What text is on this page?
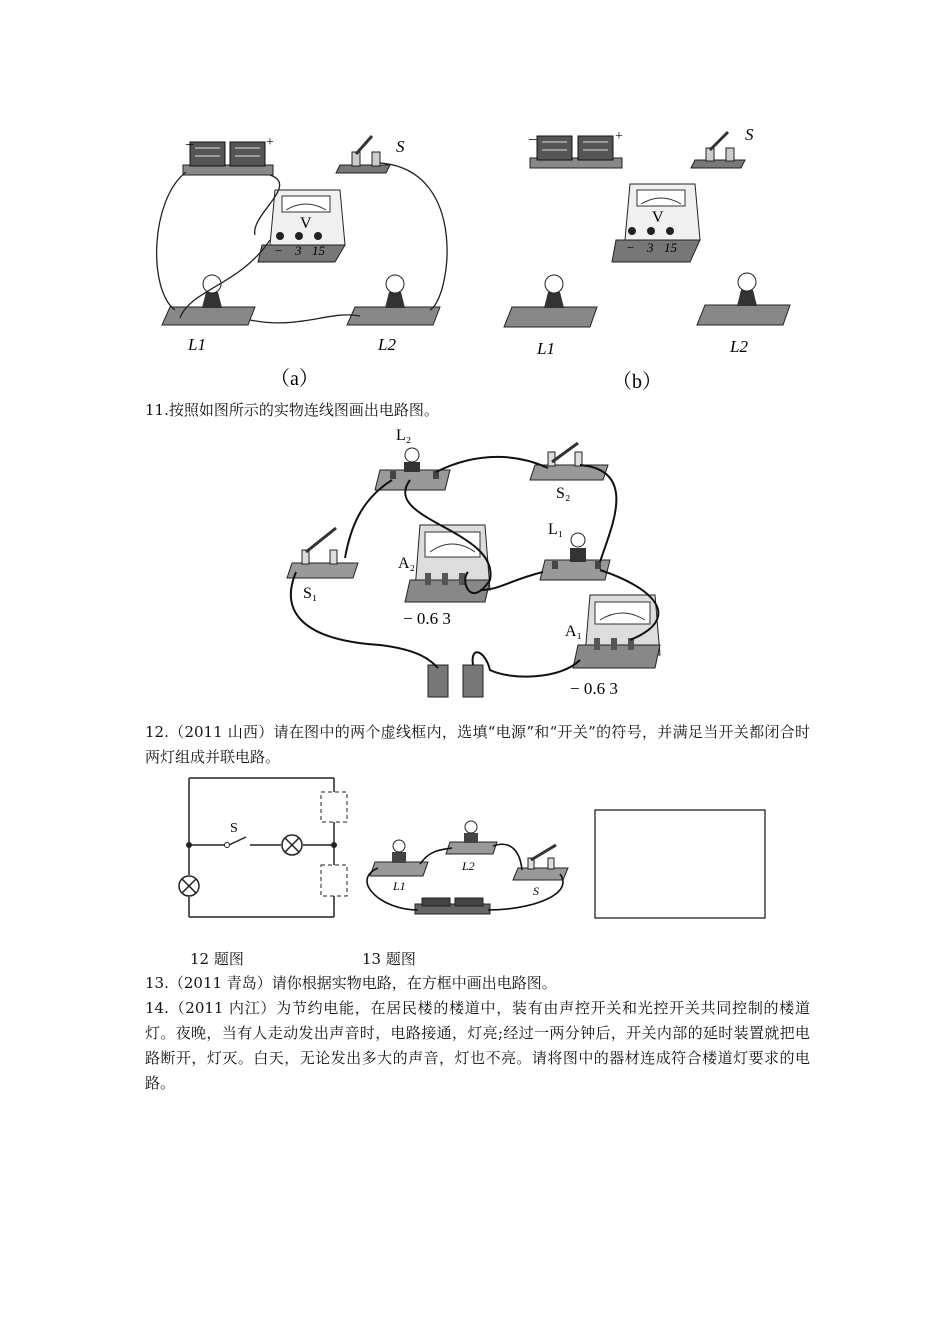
−	+	S
V
− 3 15
L1	L2
（a）
−	+	S
V
− 3 15
L1	L2
（b）
11.按照如图所示的实物连线图画出电路图。
L₂
S₂
S₁
A₂
− 0.6 3
L₁
A₁
− 0.6 3
12.（2011 山西）请在图中的两个虚线框内，选填“电源”和“开关”的符号，并满足当开关都闭合时两灯组成并联电路。
S
L1
L2
S
12 题图	13 题图
13.（2011 青岛）请你根据实物电路，在方框中画出电路图。
14.（2011 内江）为节约电能，在居民楼的楼道中，装有由声控开关和光控开关共同控制的楼道灯。夜晚，当有人走动发出声音时，电路接通，灯亮;经过一两分钟后，开关内部的延时装置就把电路断开，灯灭。白天，无论发出多大的声音，灯也不亮。请将图中的器材连成符合楼道灯要求的电路。
